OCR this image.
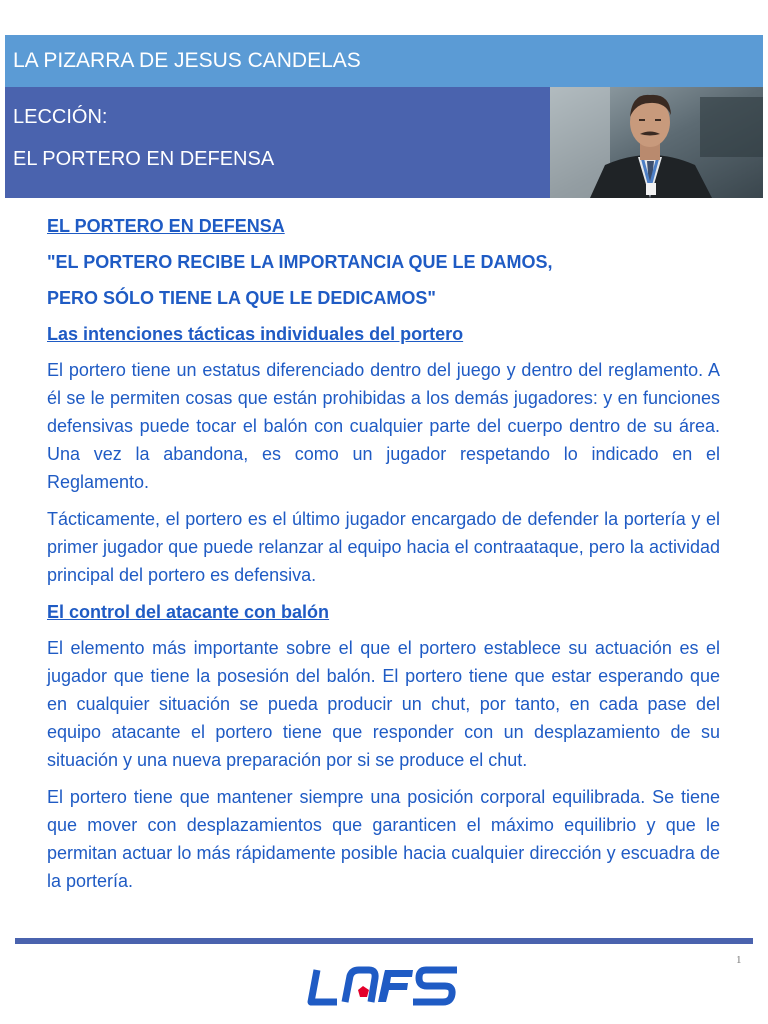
LA PIZARRA DE JESUS CANDELAS
LECCIÓN:
EL PORTERO EN DEFENSA
EL PORTERO EN DEFENSA
"EL PORTERO RECIBE LA IMPORTANCIA QUE LE DAMOS,
PERO SÓLO TIENE LA QUE LE DEDICAMOS"
Las intenciones tácticas individuales del portero

El portero tiene un estatus diferenciado dentro del juego y dentro del reglamento. A él se le permiten cosas que están prohibidas a los demás jugadores: y en funciones defensivas puede tocar el balón con cualquier parte del cuerpo dentro de su área. Una vez la abandona, es como un jugador respetando lo indicado en el Reglamento.

Tácticamente, el portero es el último jugador encargado de defender la portería y el primer jugador que puede relanzar al equipo hacia el contraataque, pero la actividad principal del portero es defensiva.

El control del atacante con balón

El elemento más importante sobre el que el portero establece su actuación es el jugador que tiene la posesión del balón. El portero tiene que estar esperando que en cualquier situación se pueda producir un chut, por tanto, en cada pase del equipo atacante el portero tiene que responder con un desplazamiento de su situación y una nueva preparación por si se produce el chut.

El portero tiene que mantener siempre una posición corporal equilibrada. Se tiene que mover con desplazamientos que garanticen el máximo equilibrio y que le permitan actuar lo más rápidamente posible hacia cualquier dirección y escuadra de la portería.

1
